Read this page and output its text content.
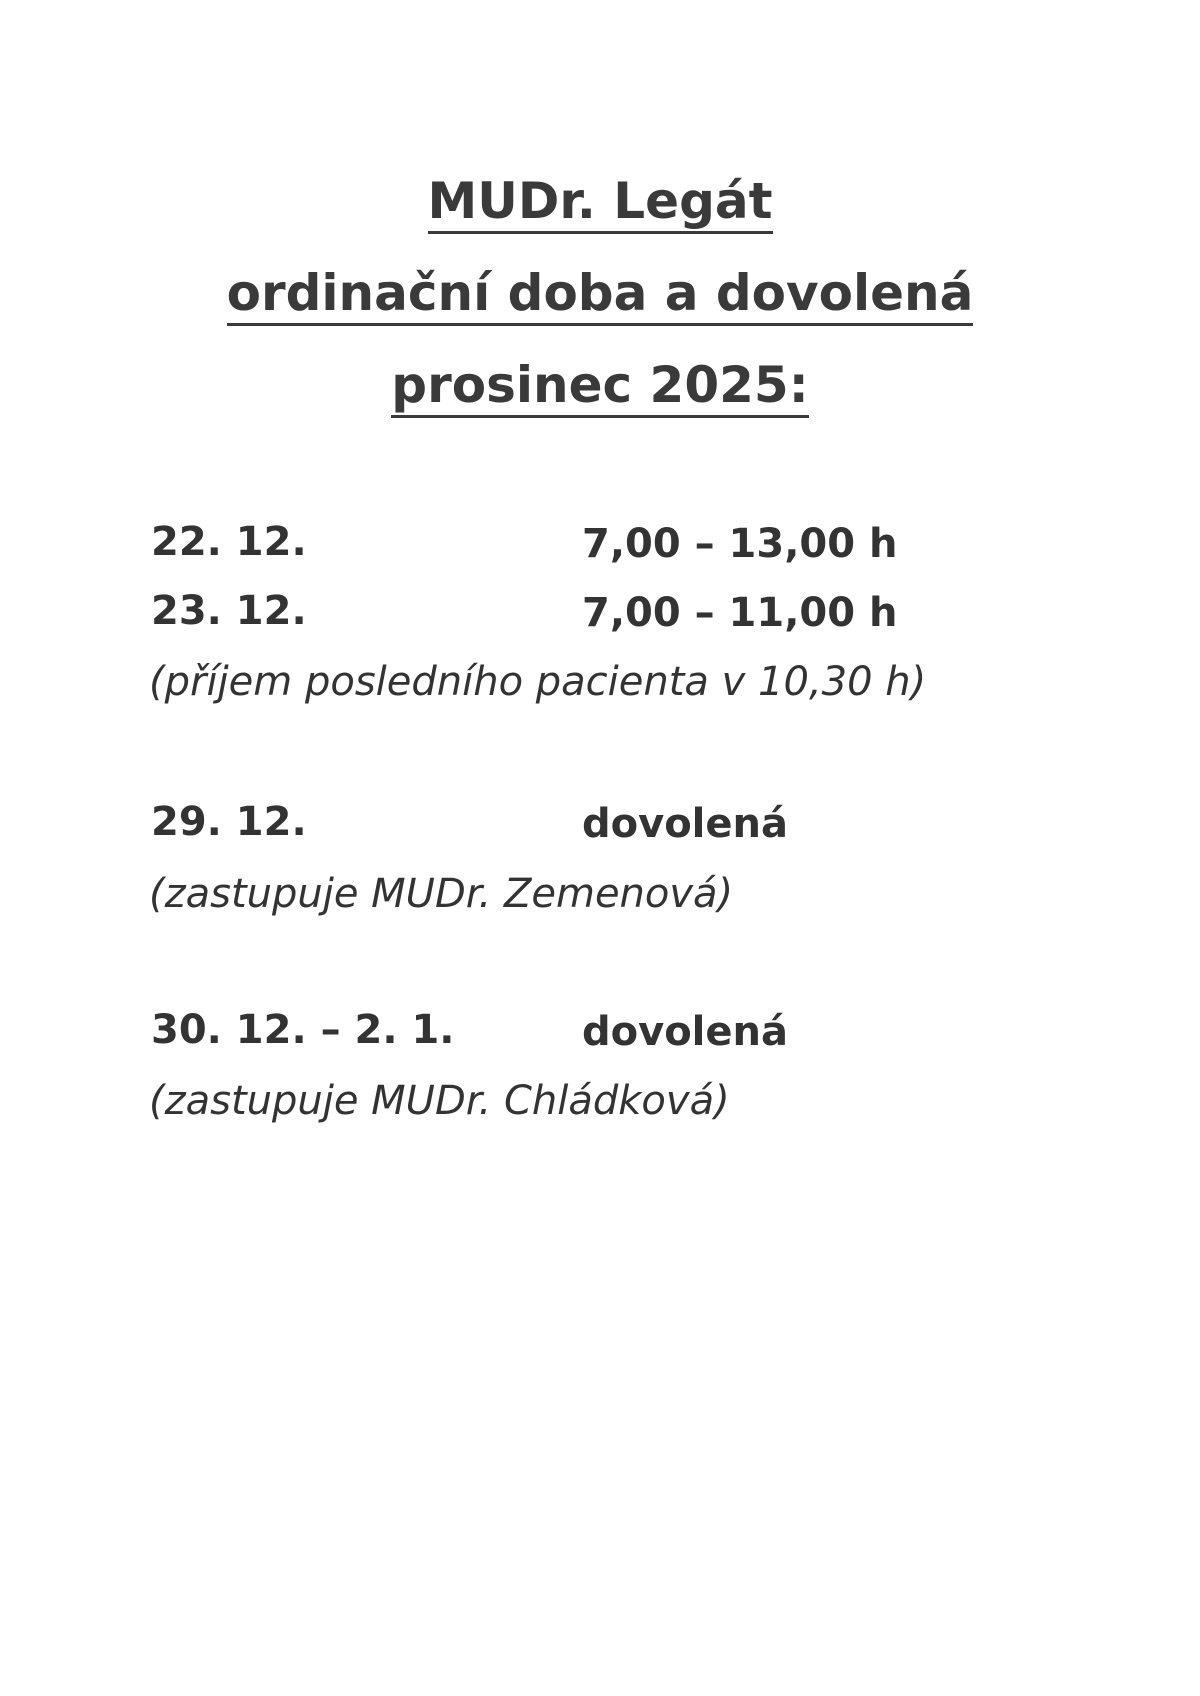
MUDr. Legát
ordinační doba a dovolená
prosinec 2025:
22. 12.	7,00 – 13,00 h
23. 12.	7,00 – 11,00 h
(příjem posledního pacienta v 10,30 h)
29. 12.	dovolená
(zastupuje MUDr. Zemenová)
30. 12. – 2. 1.	dovolená
(zastupuje MUDr. Chládková)
